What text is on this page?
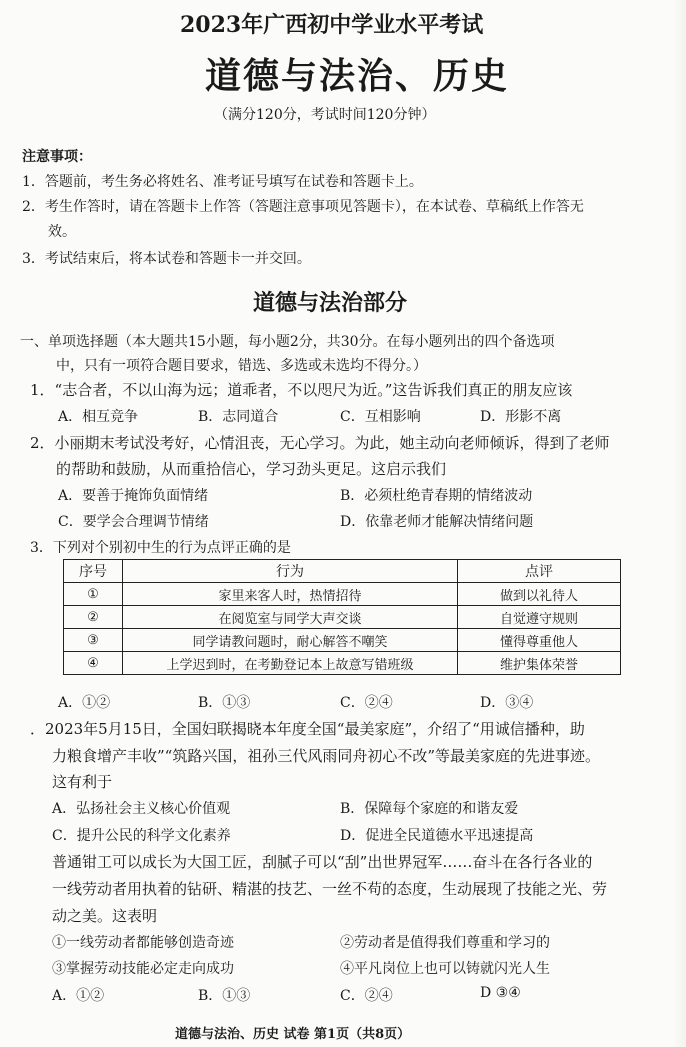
2023年广西初中学业水平考试
道德与法治、历史
（满分120分，考试时间120分钟）
注意事项：
1．答题前，考生务必将姓名、准考证号填写在试卷和答题卡上。
2．考生作答时，请在答题卡上作答（答题注意事项见答题卡），在本试卷、草稿纸上作答无
效。
3．考试结束后，将本试卷和答题卡一并交回。
道德与法治部分
一、单项选择题（本大题共15小题，每小题2分，共30分。在每小题列出的四个备选项
中，只有一项符合题目要求，错选、多选或未选均不得分。）
1．“志合者，不以山海为远；道乖者，不以咫尺为近。”这告诉我们真正的朋友应该
A．相互竞争	B．志同道合	C．互相影响	D．形影不离
2．小丽期末考试没考好，心情沮丧，无心学习。为此，她主动向老师倾诉，得到了老师
的帮助和鼓励，从而重拾信心，学习劲头更足。这启示我们
A．要善于掩饰负面情绪	B．必须杜绝青春期的情绪波动
C．要学会合理调节情绪	D．依靠老师才能解决情绪问题
3．下列对个别初中生的行为点评正确的是
序号	行为	点评
①	家里来客人时，热情招待	做到以礼待人
②	在阅览室与同学大声交谈	自觉遵守规则
③	同学请教问题时，耐心解答不嘲笑	懂得尊重他人
④	上学迟到时，在考勤登记本上故意写错班级	维护集体荣誉
A．①②	B．①③	C．②④	D．③④
．2023年5月15日，全国妇联揭晓本年度全国“最美家庭”，介绍了“用诚信播种，助
力粮食增产丰收”“筑路兴国，祖孙三代风雨同舟初心不改”等最美家庭的先进事迹。
这有利于
A．弘扬社会主义核心价值观	B．保障每个家庭的和谐友爱
C．提升公民的科学文化素养	D．促进全民道德水平迅速提高
普通钳工可以成长为大国工匠，刮腻子可以“刮”出世界冠军……奋斗在各行各业的
一线劳动者用执着的钻研、精湛的技艺、一丝不苟的态度，生动展现了技能之光、劳
动之美。这表明
①一线劳动者都能够创造奇迹	②劳动者是值得我们尊重和学习的
③掌握劳动技能必定走向成功	④平凡岗位上也可以铸就闪光人生
A．①②	B．①③	C．②④	D ③④
道德与法治、历史 试卷 第1页（共8页）
